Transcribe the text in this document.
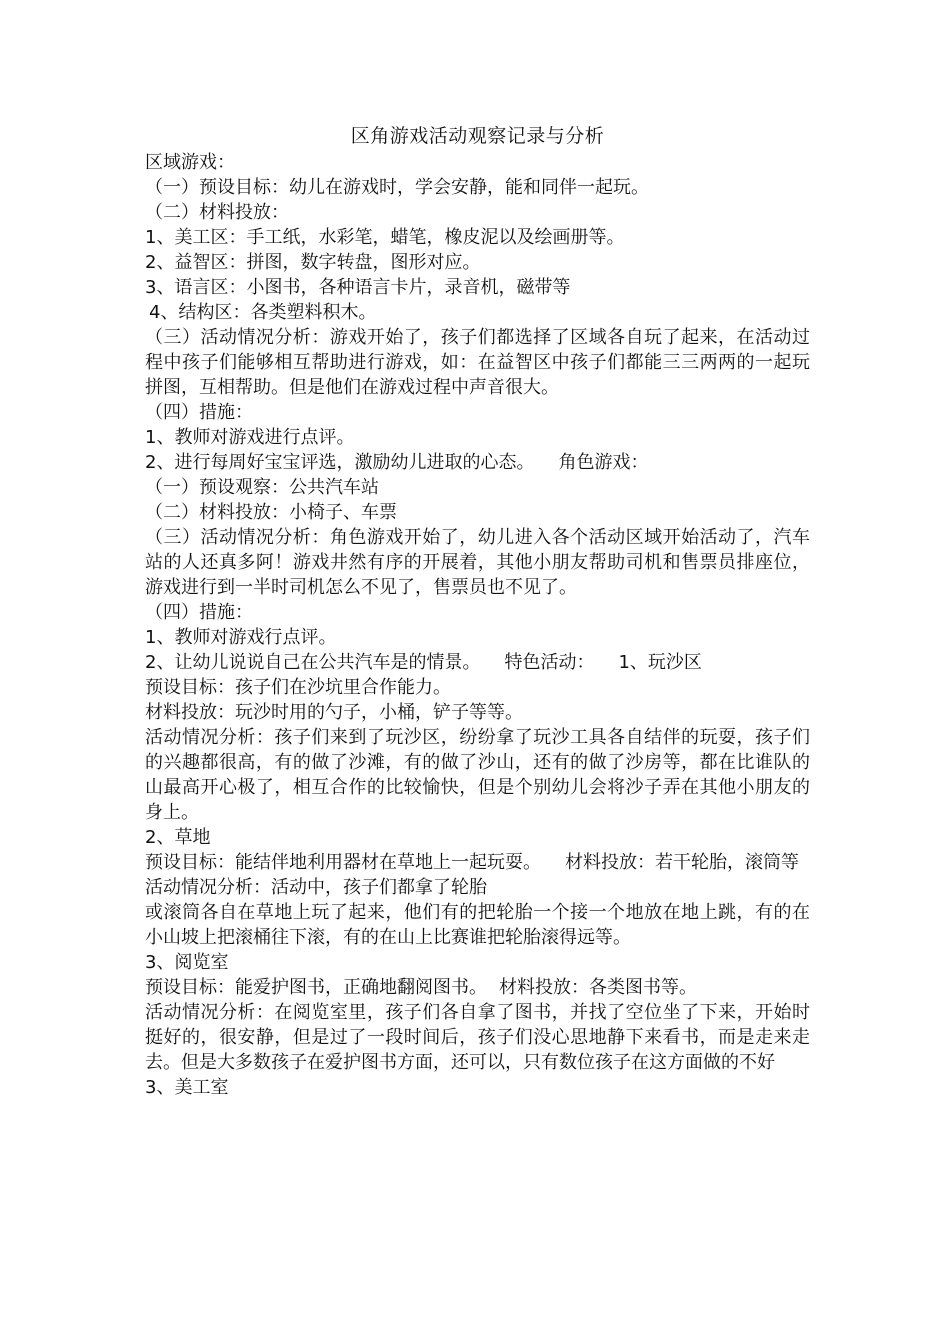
区角游戏活动观察记录与分析

区域游戏：

（一）预设目标：幼儿在游戏时，学会安静，能和同伴一起玩。

（二）材料投放：

1、美工区：手工纸，水彩笔，蜡笔，橡皮泥以及绘画册等。

2、益智区：拼图，数字转盘，图形对应。

3、语言区：小图书，各种语言卡片，录音机，磁带等

4、结构区：各类塑料积木。

（三）活动情况分析：游戏开始了，孩子们都选择了区域各自玩了起来，在活动过程中孩子们能够相互帮助进行游戏，如：在益智区中孩子们都能三三两两的一起玩拼图，互相帮助。但是他们在游戏过程中声音很大。

（四）措施：

1、教师对游戏进行点评。

2、进行每周好宝宝评选，激励幼儿进取的心态。 角色游戏：

（一）预设观察：公共汽车站

（二）材料投放：小椅子、车票

（三）活动情况分析：角色游戏开始了，幼儿进入各个活动区域开始活动了，汽车站的人还真多阿！游戏井然有序的开展着，其他小朋友帮助司机和售票员排座位，游戏进行到一半时司机怎么不见了，售票员也不见了。

（四）措施：

1、教师对游戏行点评。

2、让幼儿说说自己在公共汽车是的情景。 特色活动： 1、玩沙区

预设目标：孩子们在沙坑里合作能力。

材料投放：玩沙时用的勺子，小桶，铲子等等。

活动情况分析：孩子们来到了玩沙区，纷纷拿了玩沙工具各自结伴的玩耍，孩子们的兴趣都很高，有的做了沙滩，有的做了沙山，还有的做了沙房等，都在比谁队的山最高开心极了，相互合作的比较愉快，但是个别幼儿会将沙子弄在其他小朋友的身上。

2、草地

预设目标：能结伴地利用器材在草地上一起玩耍。 材料投放：若干轮胎，滚筒等

活动情况分析：活动中，孩子们都拿了轮胎

或滚筒各自在草地上玩了起来，他们有的把轮胎一个接一个地放在地上跳，有的在小山坡上把滚桶往下滚，有的在山上比赛谁把轮胎滚得远等。

3、阅览室

预设目标：能爱护图书，正确地翻阅图书。 材料投放：各类图书等。

活动情况分析：在阅览室里，孩子们各自拿了图书，并找了空位坐了下来，开始时挺好的，很安静，但是过了一段时间后，孩子们没心思地静下来看书，而是走来走去。但是大多数孩子在爱护图书方面，还可以，只有数位孩子在这方面做的不好

3、美工室
